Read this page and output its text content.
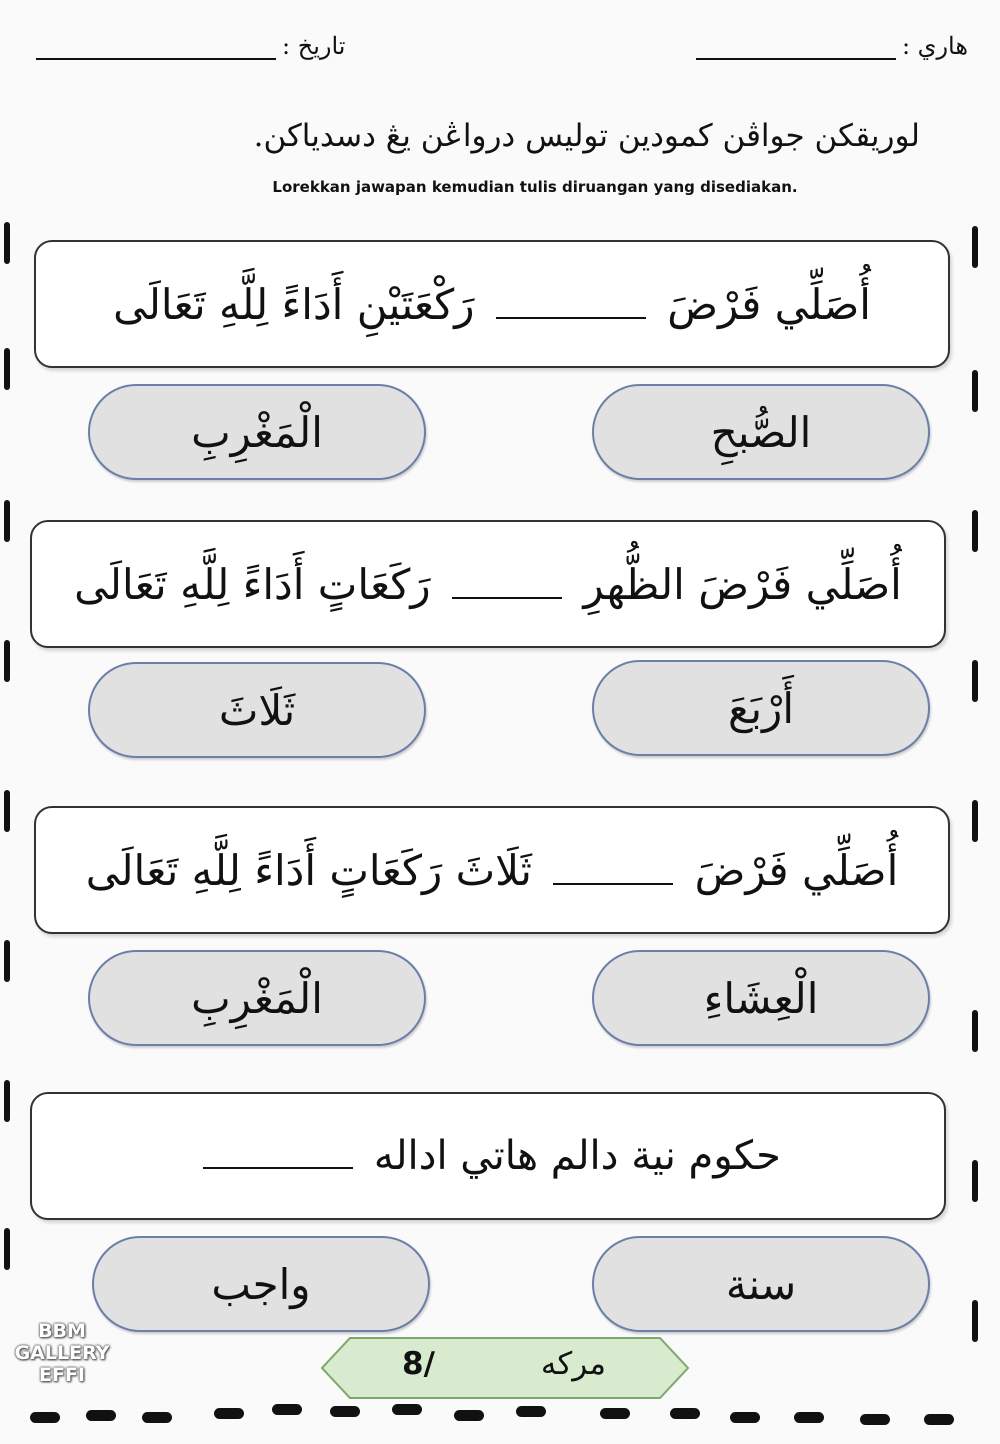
هاري :
تاريخ :
لوريقكن جواڤن كمودين توليس درواڠن يڠ دسدياكن.
Lorekkan jawapan kemudian tulis diruangan yang disediakan.
أُصَلِّي فَرْضَ  رَكْعَتَيْنِ أَدَاءً لِلَّهِ تَعَالَى
الصُّبحِ
الْمَغْرِبِ
أُصَلِّي فَرْضَ الظُّهرِ  رَكَعَاتٍ أَدَاءً لِلَّهِ تَعَالَى
أَرْبَعَ
ثَلَاثَ
أُصَلِّي فَرْضَ  ثَلَاثَ رَكَعَاتٍ أَدَاءً لِلَّهِ تَعَالَى
الْعِشَاءِ
الْمَغْرِبِ
حكوم نية دالم هاتي اداله
سنة
واجب
مركه
8/
BBM
GALLERY
EFFI
